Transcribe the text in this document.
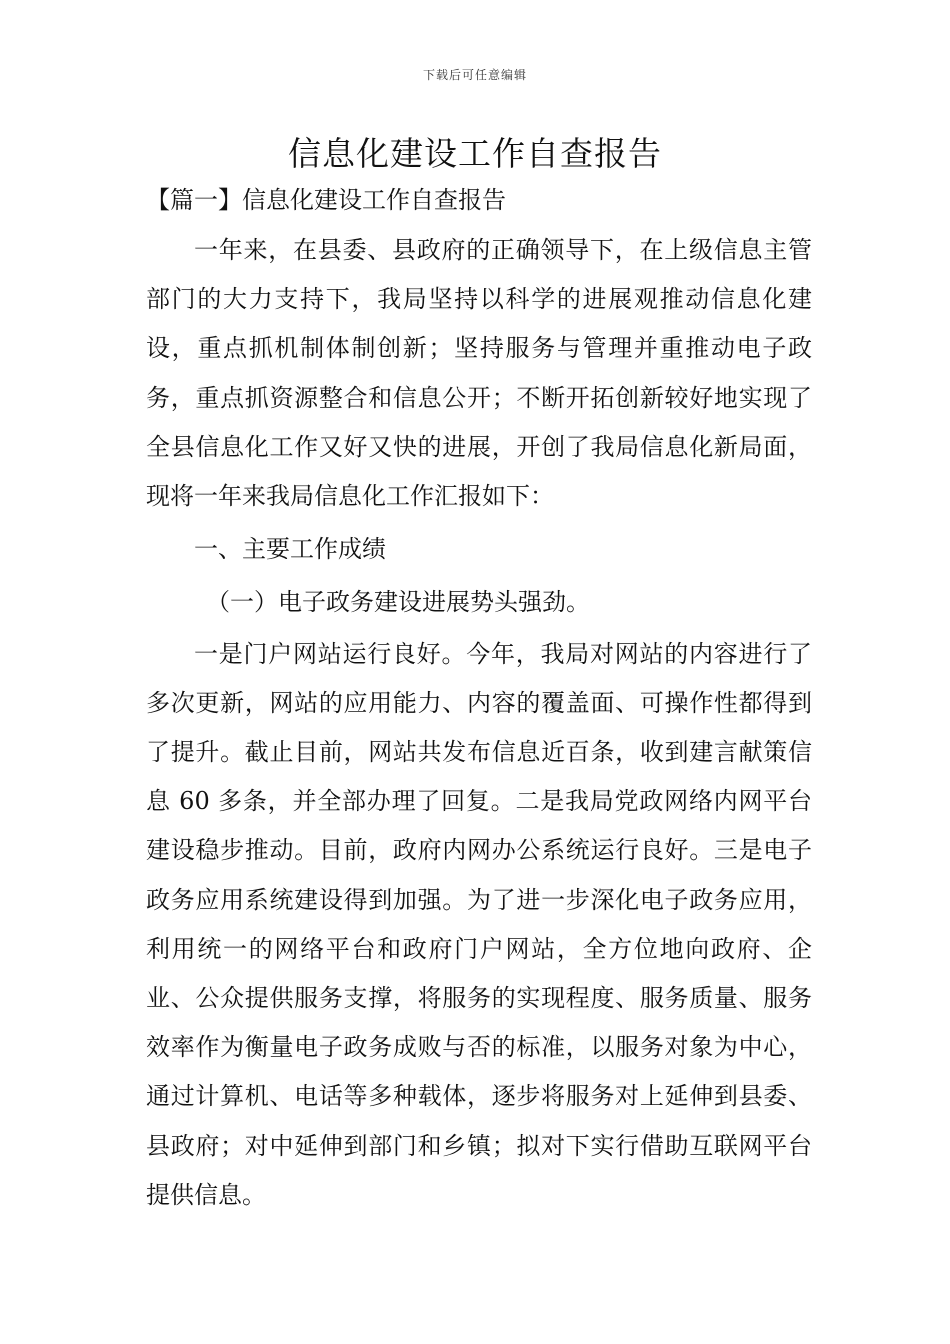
下载后可任意编辑
信息化建设工作自查报告
【篇一】信息化建设工作自查报告

一年来，在县委、县政府的正确领导下，在上级信息主管部门的大力支持下，我局坚持以科学的进展观推动信息化建设，重点抓机制体制创新；坚持服务与管理并重推动电子政务，重点抓资源整合和信息公开；不断开拓创新较好地实现了全县信息化工作又好又快的进展，开创了我局信息化新局面，现将一年来我局信息化工作汇报如下：

一、主要工作成绩

（一）电子政务建设进展势头强劲。

一是门户网站运行良好。今年，我局对网站的内容进行了多次更新，网站的应用能力、内容的覆盖面、可操作性都得到了提升。截止目前，网站共发布信息近百条，收到建言献策信息 60 多条，并全部办理了回复。二是我局党政网络内网平台建设稳步推动。目前，政府内网办公系统运行良好。三是电子政务应用系统建设得到加强。为了进一步深化电子政务应用，利用统一的网络平台和政府门户网站，全方位地向政府、企业、公众提供服务支撑，将服务的实现程度、服务质量、服务效率作为衡量电子政务成败与否的标准，以服务对象为中心，通过计算机、电话等多种载体，逐步将服务对上延伸到县委、县政府；对中延伸到部门和乡镇；拟对下实行借助互联网平台提供信息。
